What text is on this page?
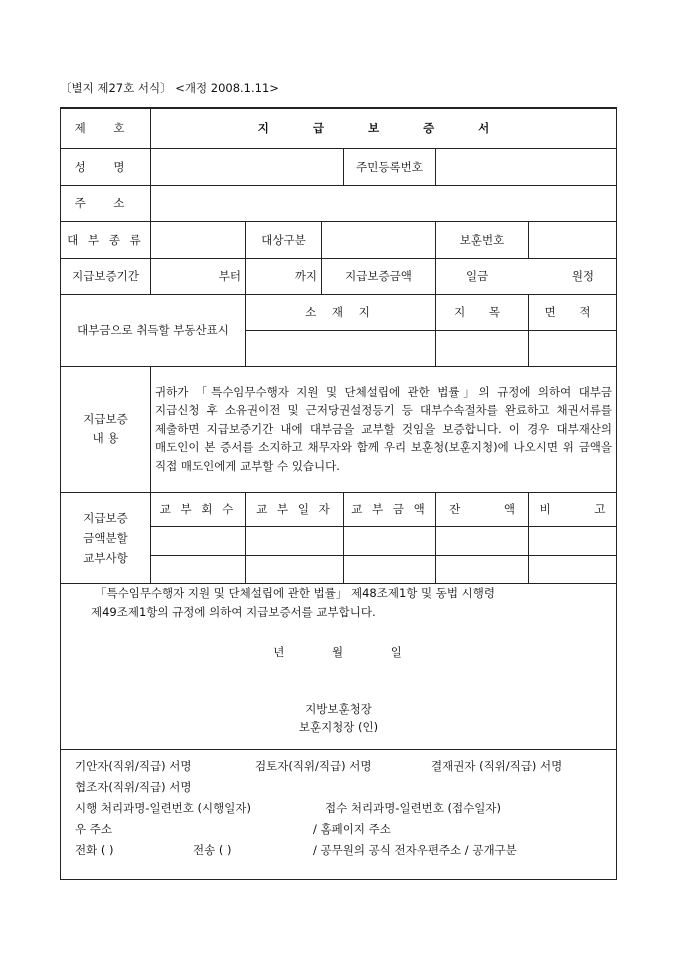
〔별지 제27호 서식〕 <개정 2008.1.11>
제 호	지 급 보 증 서					
성 명				주민등록번호		
주 소						
대 부 종 류		대상구분			보훈번호	
지급보증기간	부터	까지	지급보증금액		일금 원정	

대부금으로 취득할 부동산표시		소 재 지			지 목	면 적

지급보증
내 용	귀하가 「특수임무수행자 지원 및 단체설립에 관한 법률」의 규정에 의하여 대부금 지급신청 후 소유권이전 및 근저당권설정등기 등 대부수속절차를 완료하고 채권서류를 제출하면 지급보증기간 내에 대부금을 교부할 것임을 보증합니다. 이 경우 대부재산의 매도인이 본 증서를 소지하고 채무자와 함께 우리 보훈청(보훈지청)에 나오시면 위 금액을 직접 매도인에게 교부할 수 있습니다.					
지급보증
금액분할
교부사항	교 부 회 수	교 부 일 자		교 부 금 액	잔 액	비 고

「특수임무수행자 지원 및 단체설립에 관한 법률」 제48조제1항 및 동법 시행령
제49조제1항의 규정에 의하여 지급보증서를 교부합니다.
년 월 일
지방보훈청장
보훈지청장 (인)						

기안자(직위/직급) 서명 검토자(직위/직급) 서명 결재권자 (직위/직급) 서명
협조자(직위/직급) 서명
시행 처리과명-일련번호 (시행일자) 접수 처리과명-일련번호 (접수일자)
우 주소 / 홈페이지 주소
전화 ( ) 전송 ( ) / 공무원의 공식 전자우편주소 / 공개구분						
